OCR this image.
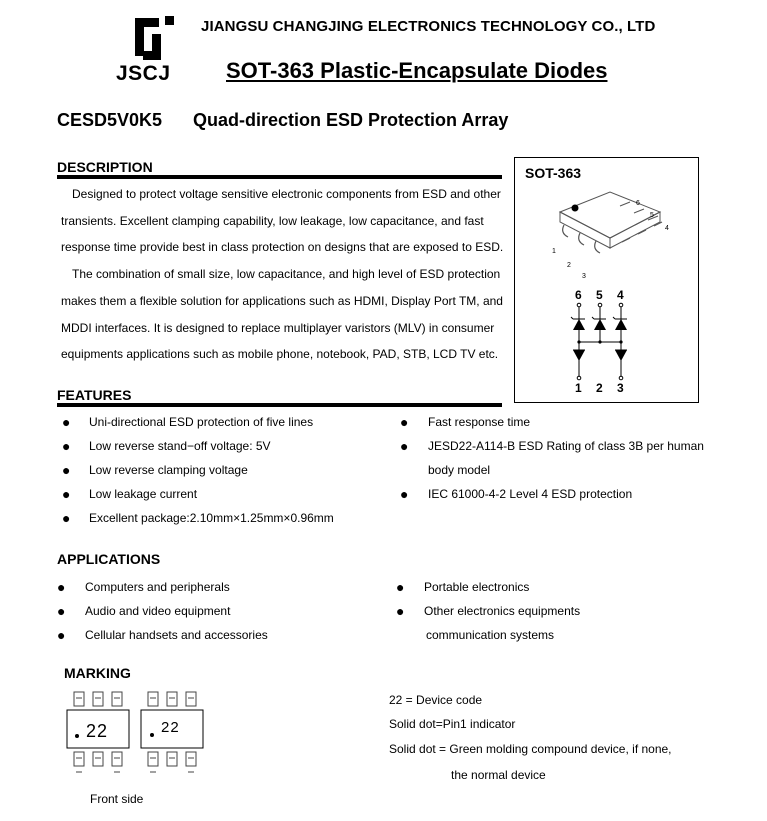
JSCJ
JIANGSU CHANGJING ELECTRONICS TECHNOLOGY CO., LTD
SOT-363 Plastic-Encapsulate Diodes
CESD5V0K5 Quad-direction ESD Protection Array
DESCRIPTION
Designed to protect voltage sensitive electronic components from ESD and other
transients. Excellent clamping capability, low leakage, low capacitance, and fast
response time provide best in class protection on designs that are exposed to ESD.
The combination of small size, low capacitance, and high level of ESD protection
makes them a flexible solution for applications such as HDMI, Display Port TM, and
MDDI interfaces. It is designed to replace multiplayer varistors (MLV) in consumer
equipments applications such as mobile phone, notebook, PAD, STB, LCD TV etc.
SOT-363
1
2
3
4
5
6
6 5 4
1 2 3
FEATURES
● Uni-directional ESD protection of five lines
● Low reverse stand−off voltage: 5V
● Low reverse clamping voltage
● Low leakage current
● Excellent package:2.10mm×1.25mm×0.96mm
● Fast response time
● JESD22-A114-B ESD Rating of class 3B per human
body model
● IEC 61000-4-2 Level 4 ESD protection
APPLICATIONS
● Computers and peripherals
● Audio and video equipment
● Cellular handsets and accessories
● Portable electronics
● Other electronics equipments
communication systems
MARKING
22	22
Front side
22 = Device code
Solid dot=Pin1 indicator
Solid dot = Green molding compound device, if none,
the normal device
